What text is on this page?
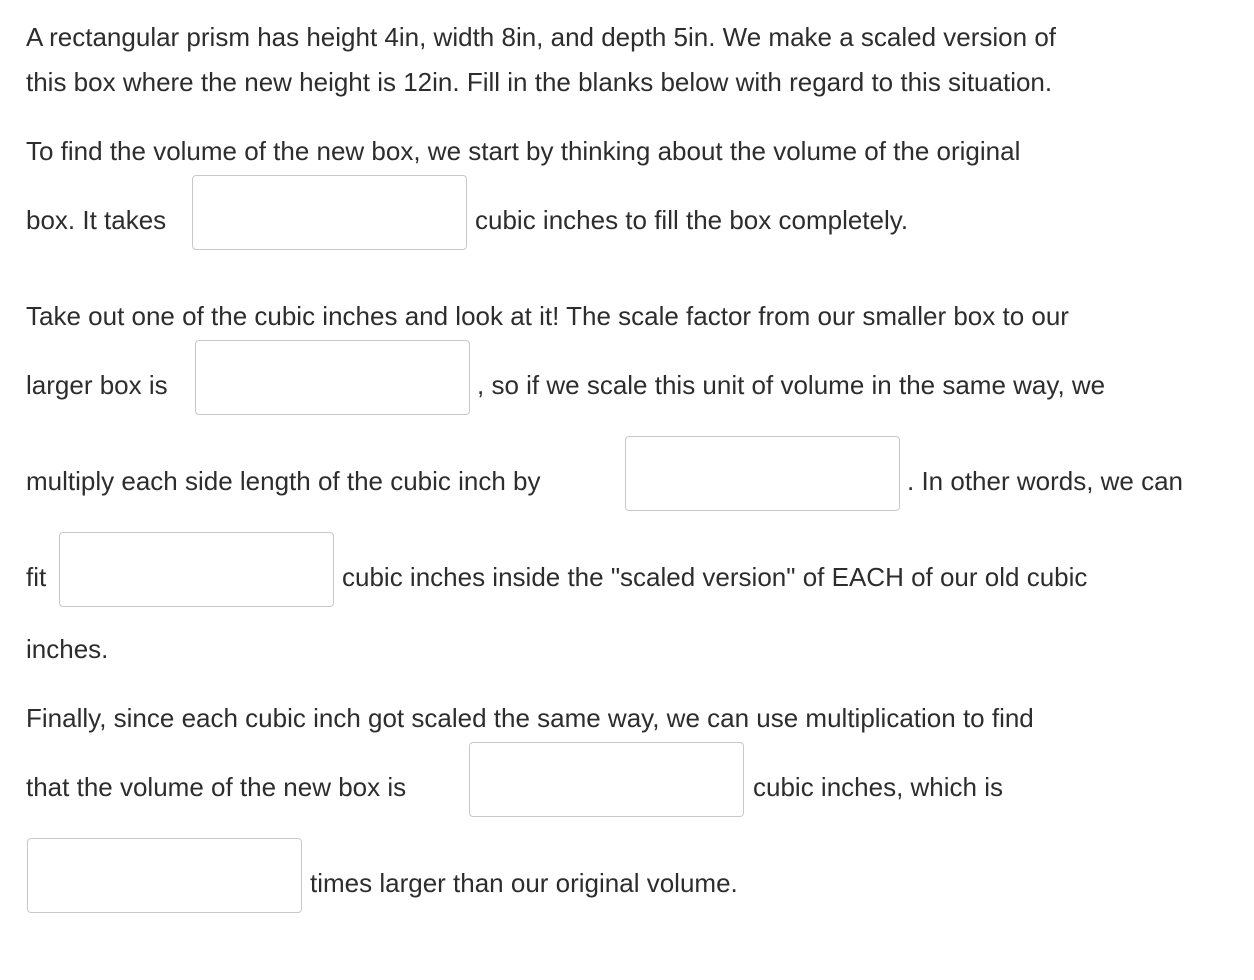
A rectangular prism has height 4in, width 8in, and depth 5in. We make a scaled version of
this box where the new height is 12in. Fill in the blanks below with regard to this situation.
To find the volume of the new box, we start by thinking about the volume of the original
box. It takes	cubic inches to fill the box completely.
Take out one of the cubic inches and look at it! The scale factor from our smaller box to our
larger box is	, so if we scale this unit of volume in the same way, we
multiply each side length of the cubic inch by	. In other words, we can
fit	cubic inches inside the "scaled version" of EACH of our old cubic
inches.
Finally, since each cubic inch got scaled the same way, we can use multiplication to find
that the volume of the new box is	cubic inches, which is
times larger than our original volume.
